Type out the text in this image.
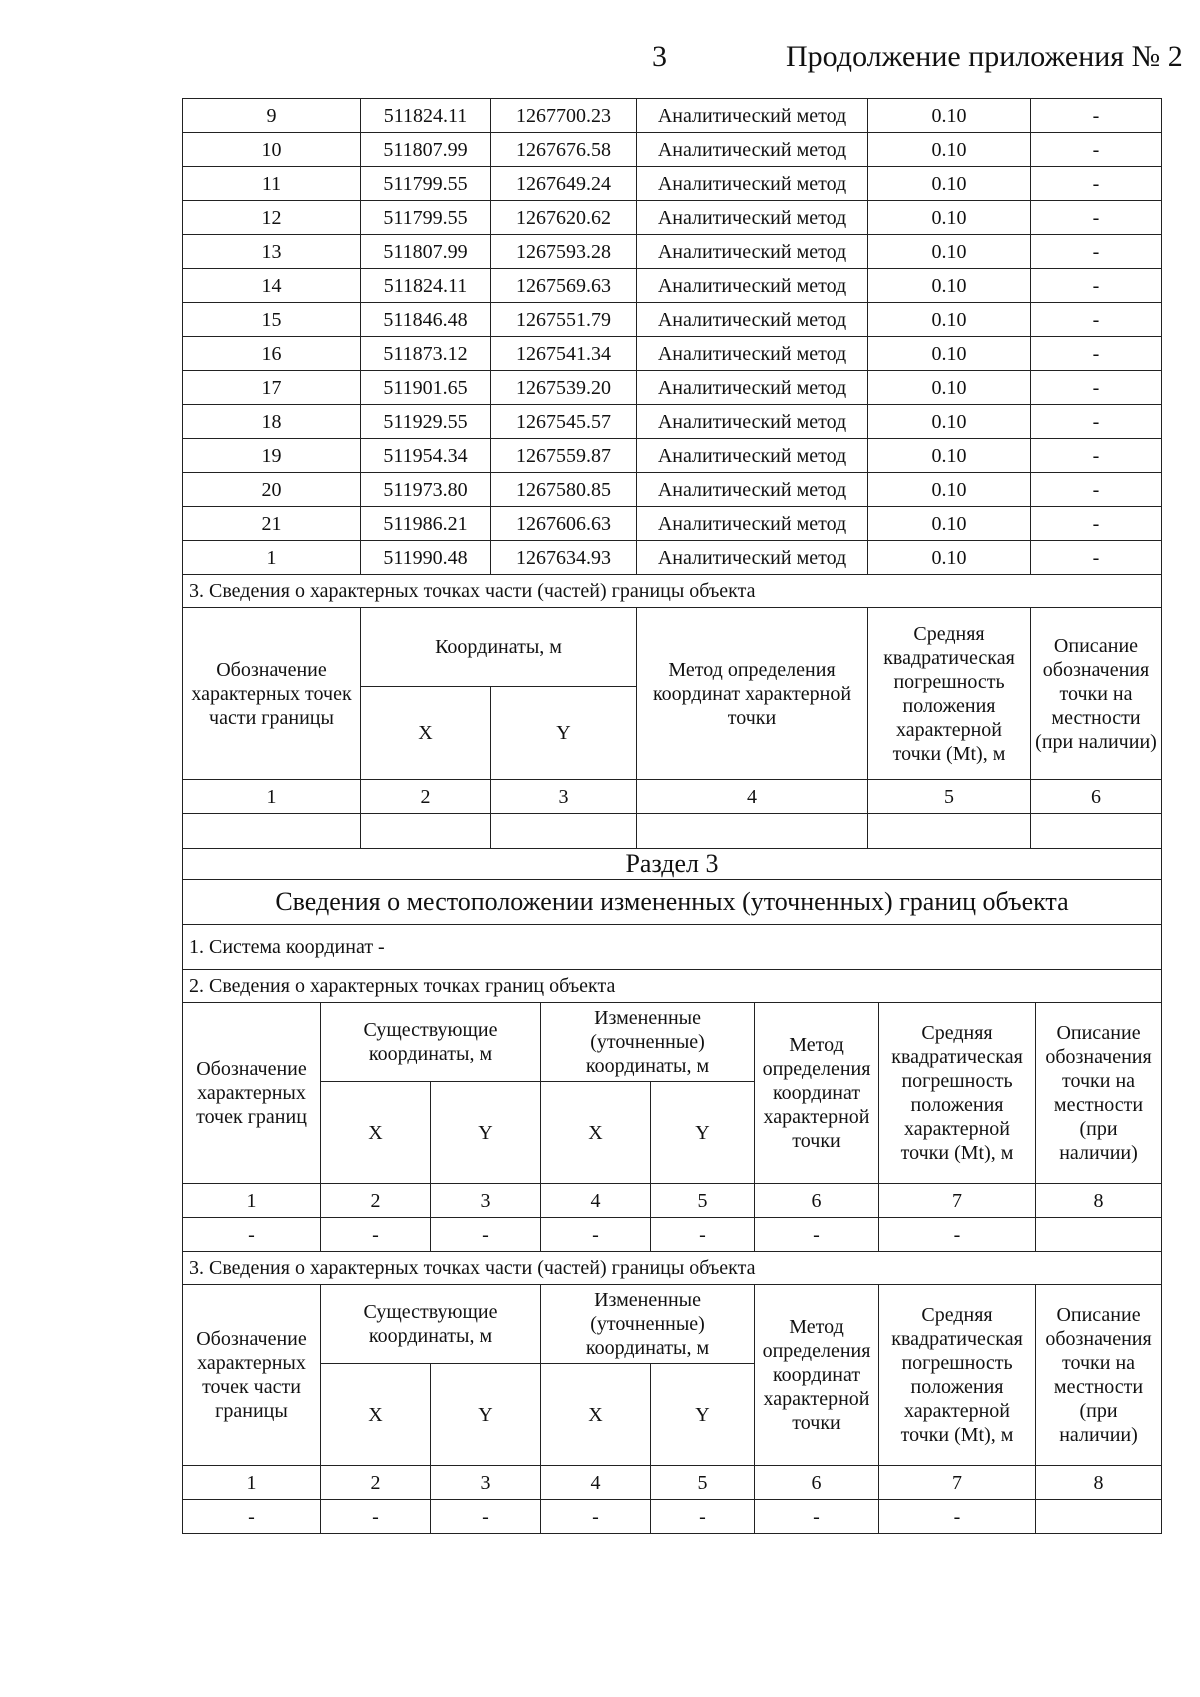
3	Продолжение приложения № 2
9	511824.11	1267700.23	Аналитический метод	0.10	-
10	511807.99	1267676.58	Аналитический метод	0.10	-
11	511799.55	1267649.24	Аналитический метод	0.10	-
12	511799.55	1267620.62	Аналитический метод	0.10	-
13	511807.99	1267593.28	Аналитический метод	0.10	-
14	511824.11	1267569.63	Аналитический метод	0.10	-
15	511846.48	1267551.79	Аналитический метод	0.10	-
16	511873.12	1267541.34	Аналитический метод	0.10	-
17	511901.65	1267539.20	Аналитический метод	0.10	-
18	511929.55	1267545.57	Аналитический метод	0.10	-
19	511954.34	1267559.87	Аналитический метод	0.10	-
20	511973.80	1267580.85	Аналитический метод	0.10	-
21	511986.21	1267606.63	Аналитический метод	0.10	-
1	511990.48	1267634.93	Аналитический метод	0.10	-
3. Сведения о характерных точках части (частей) границы объекта					
Обозначение характерных точек части границы	Координаты, м		Метод определения координат характерной точки	Средняя квадратическая погрешность положения характерной точки (Mt), м	Описание обозначения точки на местности (при наличии)
	X	Y			
1	2	3	4	5	6

Раздел 3					
Сведения о местоположении измененных (уточненных) границ объекта					
1. Система координат -					
2. Сведения о характерных точках границ объекта					
Обозначение характерных точек границ	Существующие координаты, м		Измененные (уточненные) координаты, м		Метод определения координат характерной точки	Средняя квадратическая погрешность положения характерной точки (Mt), м	Описание обозначения точки на местности (при наличии)
	X	Y	X	Y			
1	2	3	4	5	6	7	8
-	-	-	-	-	-	-	
3. Сведения о характерных точках части (частей) границы объекта							
Обозначение характерных точек части границы	Существующие координаты, м		Измененные (уточненные) координаты, м		Метод определения координат характерной точки	Средняя квадратическая погрешность положения характерной точки (Mt), м	Описание обозначения точки на местности (при наличии)
	X	Y	X	Y			
1	2	3	4	5	6	7	8
-	-	-	-	-	-	-	
